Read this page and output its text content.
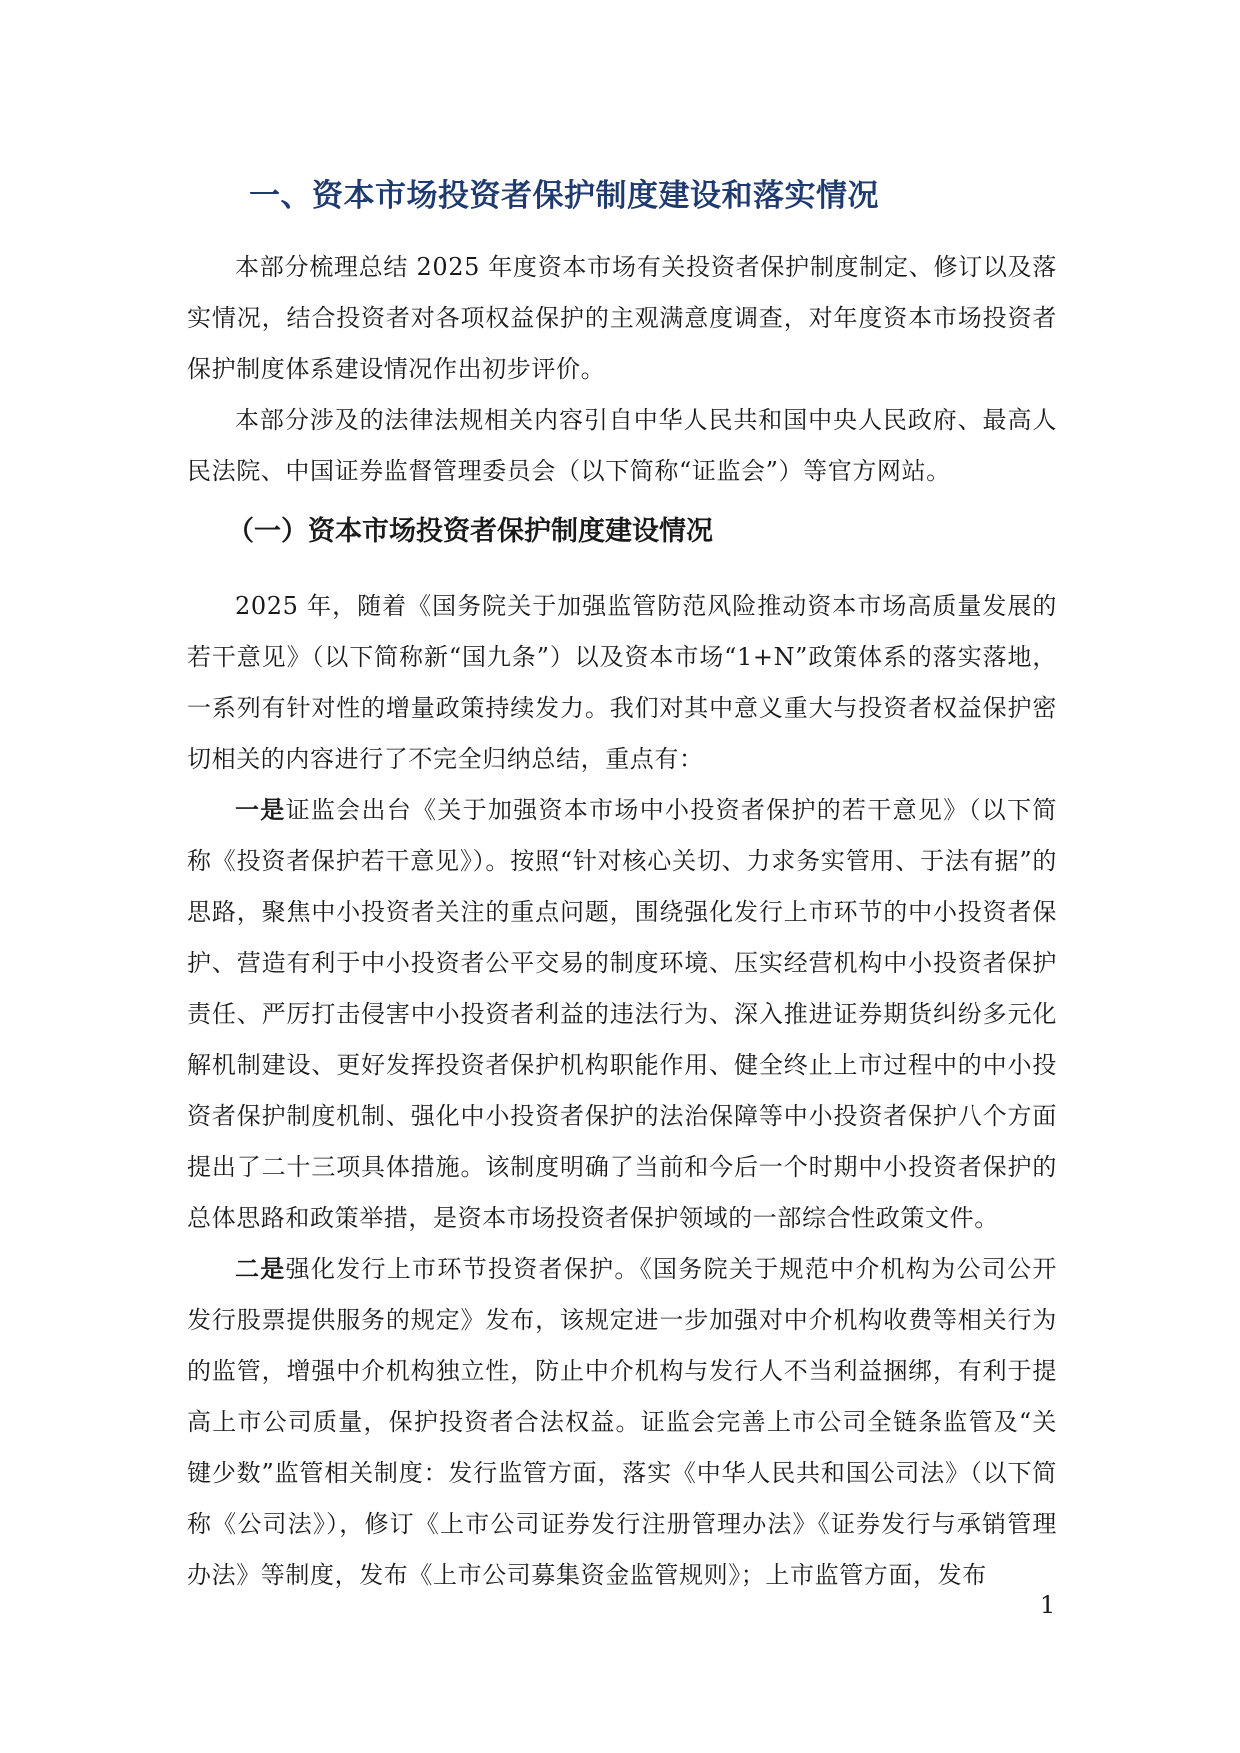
一、资本市场投资者保护制度建设和落实情况

本部分梳理总结 2025 年度资本市场有关投资者保护制度制定、修订以及落实情况，结合投资者对各项权益保护的主观满意度调查，对年度资本市场投资者保护制度体系建设情况作出初步评价。

本部分涉及的法律法规相关内容引自中华人民共和国中央人民政府、最高人民法院、中国证券监督管理委员会（以下简称“证监会”）等官方网站。

（一）资本市场投资者保护制度建设情况

2025 年，随着《国务院关于加强监管防范风险推动资本市场高质量发展的若干意见》（以下简称新“国九条”）以及资本市场“1+N”政策体系的落实落地，一系列有针对性的增量政策持续发力。我们对其中意义重大与投资者权益保护密切相关的内容进行了不完全归纳总结，重点有：

一是证监会出台《关于加强资本市场中小投资者保护的若干意见》（以下简称《投资者保护若干意见》）。按照“针对核心关切、力求务实管用、于法有据”的思路，聚焦中小投资者关注的重点问题，围绕强化发行上市环节的中小投资者保护、营造有利于中小投资者公平交易的制度环境、压实经营机构中小投资者保护责任、严厉打击侵害中小投资者利益的违法行为、深入推进证券期货纠纷多元化解机制建设、更好发挥投资者保护机构职能作用、健全终止上市过程中的中小投资者保护制度机制、强化中小投资者保护的法治保障等中小投资者保护八个方面提出了二十三项具体措施。该制度明确了当前和今后一个时期中小投资者保护的总体思路和政策举措，是资本市场投资者保护领域的一部综合性政策文件。

二是强化发行上市环节投资者保护。《国务院关于规范中介机构为公司公开发行股票提供服务的规定》发布，该规定进一步加强对中介机构收费等相关行为的监管，增强中介机构独立性，防止中介机构与发行人不当利益捆绑，有利于提高上市公司质量，保护投资者合法权益。证监会完善上市公司全链条监管及“关键少数”监管相关制度：发行监管方面，落实《中华人民共和国公司法》（以下简称《公司法》），修订《上市公司证券发行注册管理办法》《证券发行与承销管理办法》等制度，发布《上市公司募集资金监管规则》；上市监管方面，发布

1
